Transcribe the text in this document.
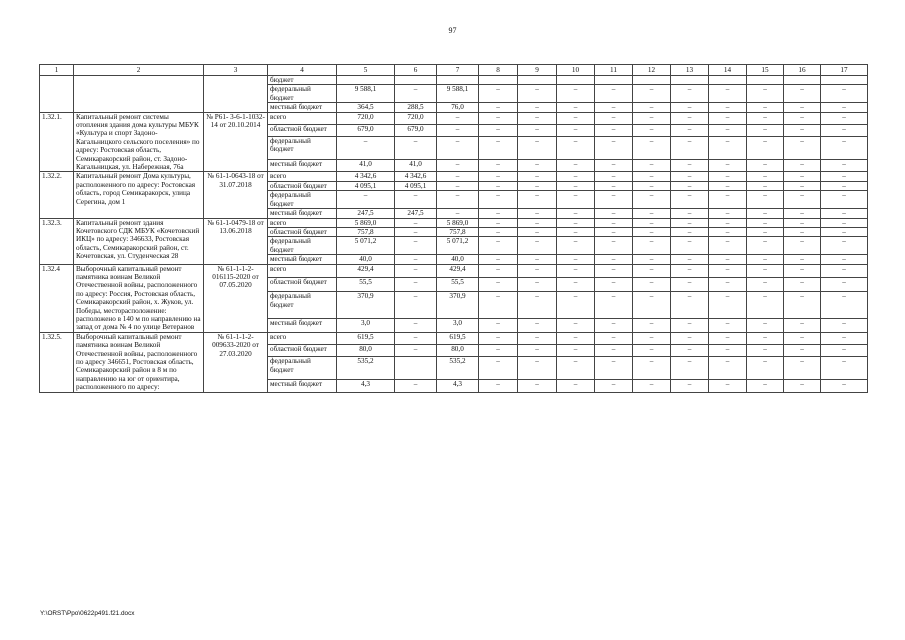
97
1	2	3	4	5	6	7	8	9	10	11	12	13	14	15	16	17
			бюджет													
			федеральный бюджет	9 588,1	–	9 588,1	–	–	–	–	–	–	–	–	–	–
			местный бюджет	364,5	288,5	76,0	–	–	–	–	–	–	–	–	–	–
1.32.1.	Капитальный ремонт системы отопления здания дома культуры МБУК «Культура и спорт Задоно-Кагальницкого сельского поселения» по адресу: Ростовская область, Семикаракорский район, ст. Задоно-Кагальницкая, ул. Набережная, 76а	№ Р61- 3-6-1-1032-14 от 20.10.2014	всего	720,0	720,0	–	–	–	–	–	–	–	–	–	–	–
			областной бюджет	679,0	679,0	–	–	–	–	–	–	–	–	–	–	–
			федеральный бюджет	–	–	–	–	–	–	–	–	–	–	–	–	–
			местный бюджет	41,0	41,0	–	–	–	–	–	–	–	–	–	–	–
1.32.2.	Капитальный ремонт Дома культуры, расположенного по адресу: Ростовская область, город Семикаракорск, улица Серегина, дом 1	№ 61-1-0643-18 от 31.07.2018	всего	4 342,6	4 342,6	–	–	–	–	–	–	–	–	–	–	–
			областной бюджет	4 095,1	4 095,1	–	–	–	–	–	–	–	–	–	–	–
			федеральный бюджет	–	–	–	–	–	–	–	–	–	–	–	–	–
			местный бюджет	247,5	247,5	–	–	–	–	–	–	–	–	–	–	–
1.32.3.	Капитальный ремонт здания Кочетовского СДК МБУК «Кочетовский ИКЦ» по адресу: 346633, Ростовская область, Семикаракорский район, ст. Кочетовская, ул. Студенческая 28	№ 61-1-0479-18 от 13.06.2018	всего	5 869,0	–	5 869,0	–	–	–	–	–	–	–	–	–	–
			областной бюджет	757,8	–	757,8	–	–	–	–	–	–	–	–	–	–
			федеральный бюджет	5 071,2	–	5 071,2	–	–	–	–	–	–	–	–	–	–
			местный бюджет	40,0	–	40,0	–	–	–	–	–	–	–	–	–	–
1.32.4	Выборочный капитальный ремонт памятника воинам Великой Отечественной войны, расположенного по адресу: Россия, Ростовская область, Семикаракорский район, х. Жуков, ул. Победы, месторасположение: расположено в 140 м по направлению на запад от дома № 4 по улице Ветеранов	№ 61-1-1-2-016115-2020 от 07.05.2020	всего	429,4	–	429,4	–	–	–	–	–	–	–	–	–	–
			областной бюджет	55,5	–	55,5	–	–	–	–	–	–	–	–	–	–
			федеральный бюджет	370,9	–	370,9	–	–	–	–	–	–	–	–	–	–
			местный бюджет	3,0	–	3,0	–	–	–	–	–	–	–	–	–	–
1.32.5.	Выборочный капитальный ремонт памятника воинам Великой Отечественной войны, расположенного по адресу 346651, Ростовская область, Семикаракорский район в 8 м по направлению на юг от ориентира, расположенного по адресу:	№ 61-1-1-2-009633-2020 от 27.03.2020	всего	619,5	–	619,5	–	–	–	–	–	–	–	–	–	–
			областной бюджет	80,0	–	80,0	–	–	–	–	–	–	–	–	–	–
			федеральный бюджет	535,2		535,2	–	–	–	–	–	–	–	–	–	–
			местный бюджет	4,3	–	4,3	–	–	–	–	–	–	–	–	–	–
Y:\ORST\Ppo\0622p491.f21.docx
